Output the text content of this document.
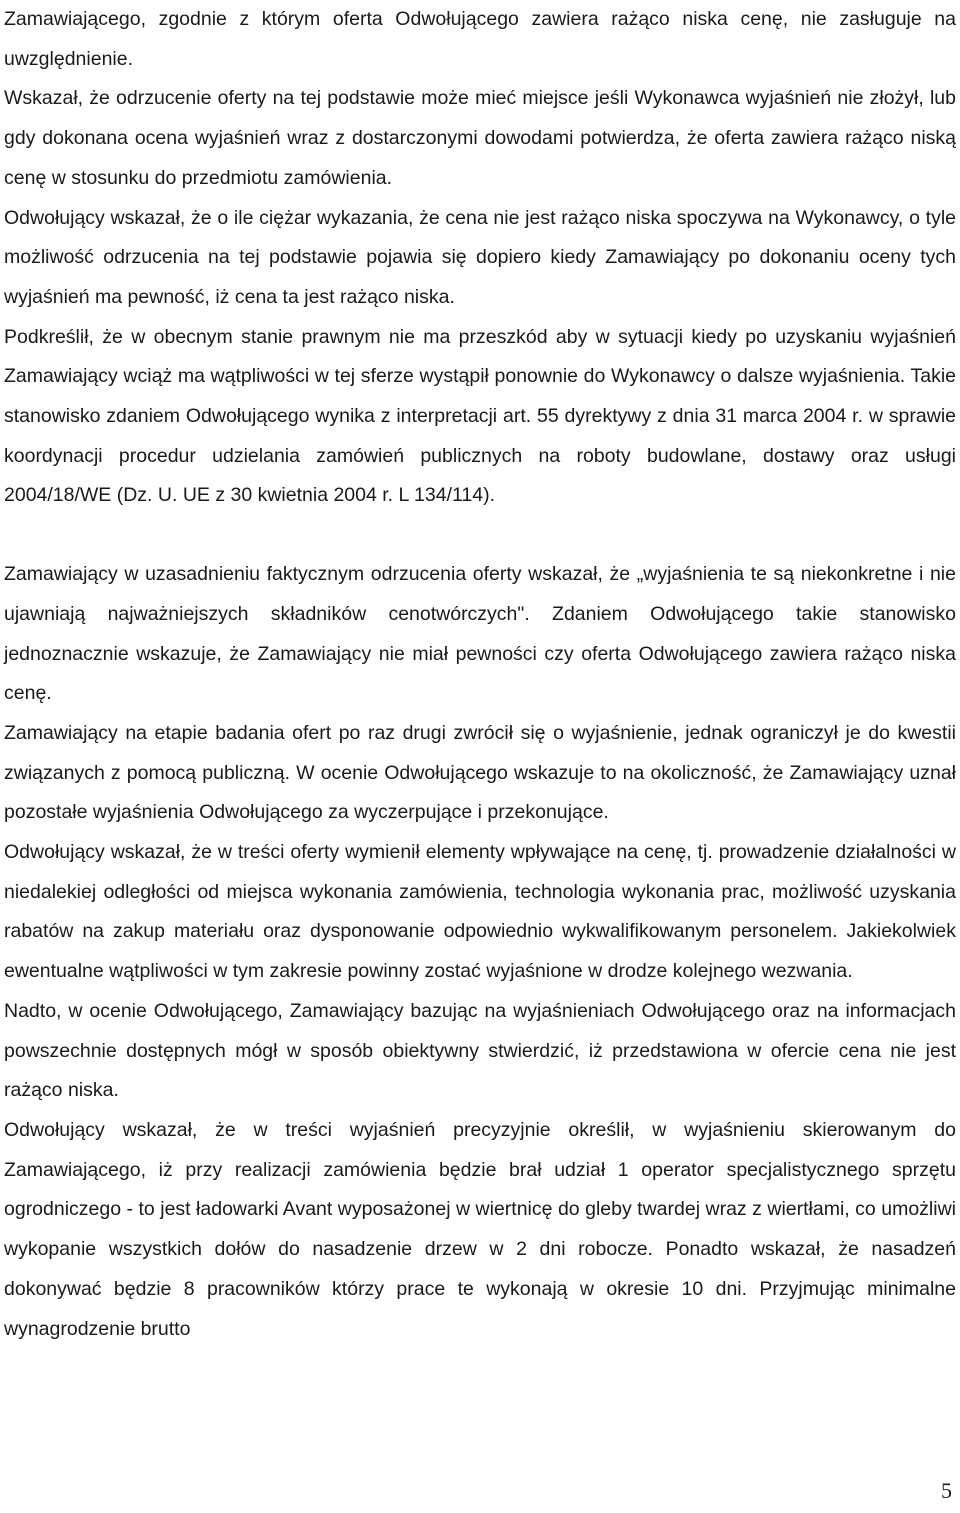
Zamawiającego, zgodnie z którym oferta Odwołującego zawiera rażąco niska cenę, nie zasługuje na uwzględnienie.

Wskazał, że odrzucenie oferty na tej podstawie może mieć miejsce jeśli Wykonawca wyjaśnień nie złożył, lub gdy dokonana ocena wyjaśnień wraz z dostarczonymi dowodami potwierdza, że oferta zawiera rażąco niską cenę w stosunku do przedmiotu zamówienia.

Odwołujący wskazał, że o ile ciężar wykazania, że cena nie jest rażąco niska spoczywa na Wykonawcy, o tyle możliwość odrzucenia na tej podstawie pojawia się dopiero kiedy Zamawiający po dokonaniu oceny tych wyjaśnień ma pewność, iż cena ta jest rażąco niska.

Podkreślił, że w obecnym stanie prawnym nie ma przeszkód aby w sytuacji kiedy po uzyskaniu wyjaśnień Zamawiający wciąż ma wątpliwości w tej sferze wystąpił ponownie do Wykonawcy o dalsze wyjaśnienia. Takie stanowisko zdaniem Odwołującego wynika z interpretacji art. 55 dyrektywy z dnia 31 marca 2004 r. w sprawie koordynacji procedur udzielania zamówień publicznych na roboty budowlane, dostawy oraz usługi 2004/18/WE (Dz. U. UE z 30 kwietnia 2004 r. L 134/114).

Zamawiający w uzasadnieniu faktycznym odrzucenia oferty wskazał, że „wyjaśnienia te są niekonkretne i nie ujawniają najważniejszych składników cenotwórczych". Zdaniem Odwołującego takie stanowisko jednoznacznie wskazuje, że Zamawiający nie miał pewności czy oferta Odwołującego zawiera rażąco niska cenę.

Zamawiający na etapie badania ofert po raz drugi zwrócił się o wyjaśnienie, jednak ograniczył je do kwestii związanych z pomocą publiczną. W ocenie Odwołującego wskazuje to na okoliczność, że Zamawiający uznał pozostałe wyjaśnienia Odwołującego za wyczerpujące i przekonujące.

Odwołujący wskazał, że w treści oferty wymienił elementy wpływające na cenę, tj. prowadzenie działalności w niedalekiej odległości od miejsca wykonania zamówienia, technologia wykonania prac, możliwość uzyskania rabatów na zakup materiału oraz dysponowanie odpowiednio wykwalifikowanym personelem. Jakiekolwiek ewentualne wątpliwości w tym zakresie powinny zostać wyjaśnione w drodze kolejnego wezwania.

Nadto, w ocenie Odwołującego, Zamawiający bazując na wyjaśnieniach Odwołującego oraz na informacjach powszechnie dostępnych mógł w sposób obiektywny stwierdzić, iż przedstawiona w ofercie cena nie jest rażąco niska.

Odwołujący wskazał, że w treści wyjaśnień precyzyjnie określił, w wyjaśnieniu skierowanym do Zamawiającego, iż przy realizacji zamówienia będzie brał udział 1 operator specjalistycznego sprzętu ogrodniczego - to jest ładowarki Avant wyposażonej w wiertnicę do gleby twardej wraz z wiertłami, co umożliwi wykopanie wszystkich dołów do nasadzenie drzew w 2 dni robocze. Ponadto wskazał, że nasadzeń dokonywać będzie 8 pracowników którzy prace te wykonają w okresie 10 dni. Przyjmując minimalne wynagrodzenie brutto

5
